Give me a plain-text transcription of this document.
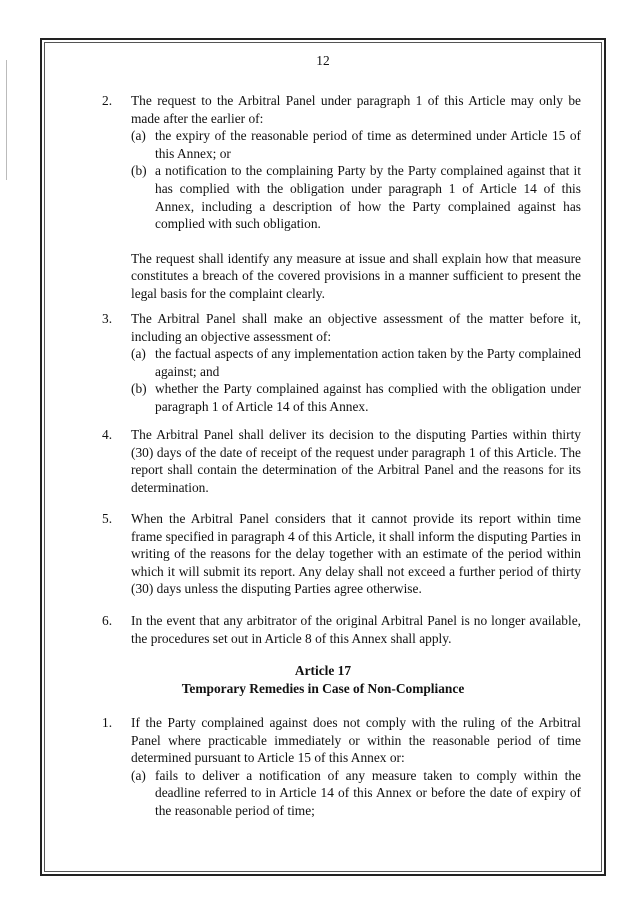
12
2.	The request to the Arbitral Panel under paragraph 1 of this Article may only be made after the earlier of:
(a) the expiry of the reasonable period of time as determined under Article 15 of this Annex; or
(b) a notification to the complaining Party by the Party complained against that it has complied with the obligation under paragraph 1 of Article 14 of this Annex, including a description of how the Party complained against has complied with such obligation.
The request shall identify any measure at issue and shall explain how that measure constitutes a breach of the covered provisions in a manner sufficient to present the legal basis for the complaint clearly.
3.	The Arbitral Panel shall make an objective assessment of the matter before it, including an objective assessment of:
(a) the factual aspects of any implementation action taken by the Party complained against; and
(b) whether the Party complained against has complied with the obligation under paragraph 1 of Article 14 of this Annex.
4.	The Arbitral Panel shall deliver its decision to the disputing Parties within thirty (30) days of the date of receipt of the request under paragraph 1 of this Article. The report shall contain the determination of the Arbitral Panel and the reasons for its determination.
5.	When the Arbitral Panel considers that it cannot provide its report within time frame specified in paragraph 4 of this Article, it shall inform the disputing Parties in writing of the reasons for the delay together with an estimate of the period within which it will submit its report. Any delay shall not exceed a further period of thirty (30) days unless the disputing Parties agree otherwise.
6.	In the event that any arbitrator of the original Arbitral Panel is no longer available, the procedures set out in Article 8 of this Annex shall apply.
Article 17
Temporary Remedies in Case of Non-Compliance
1.	If the Party complained against does not comply with the ruling of the Arbitral Panel where practicable immediately or within the reasonable period of time determined pursuant to Article 15 of this Annex or:
(a) fails to deliver a notification of any measure taken to comply within the deadline referred to in Article 14 of this Annex or before the date of expiry of the reasonable period of time;
